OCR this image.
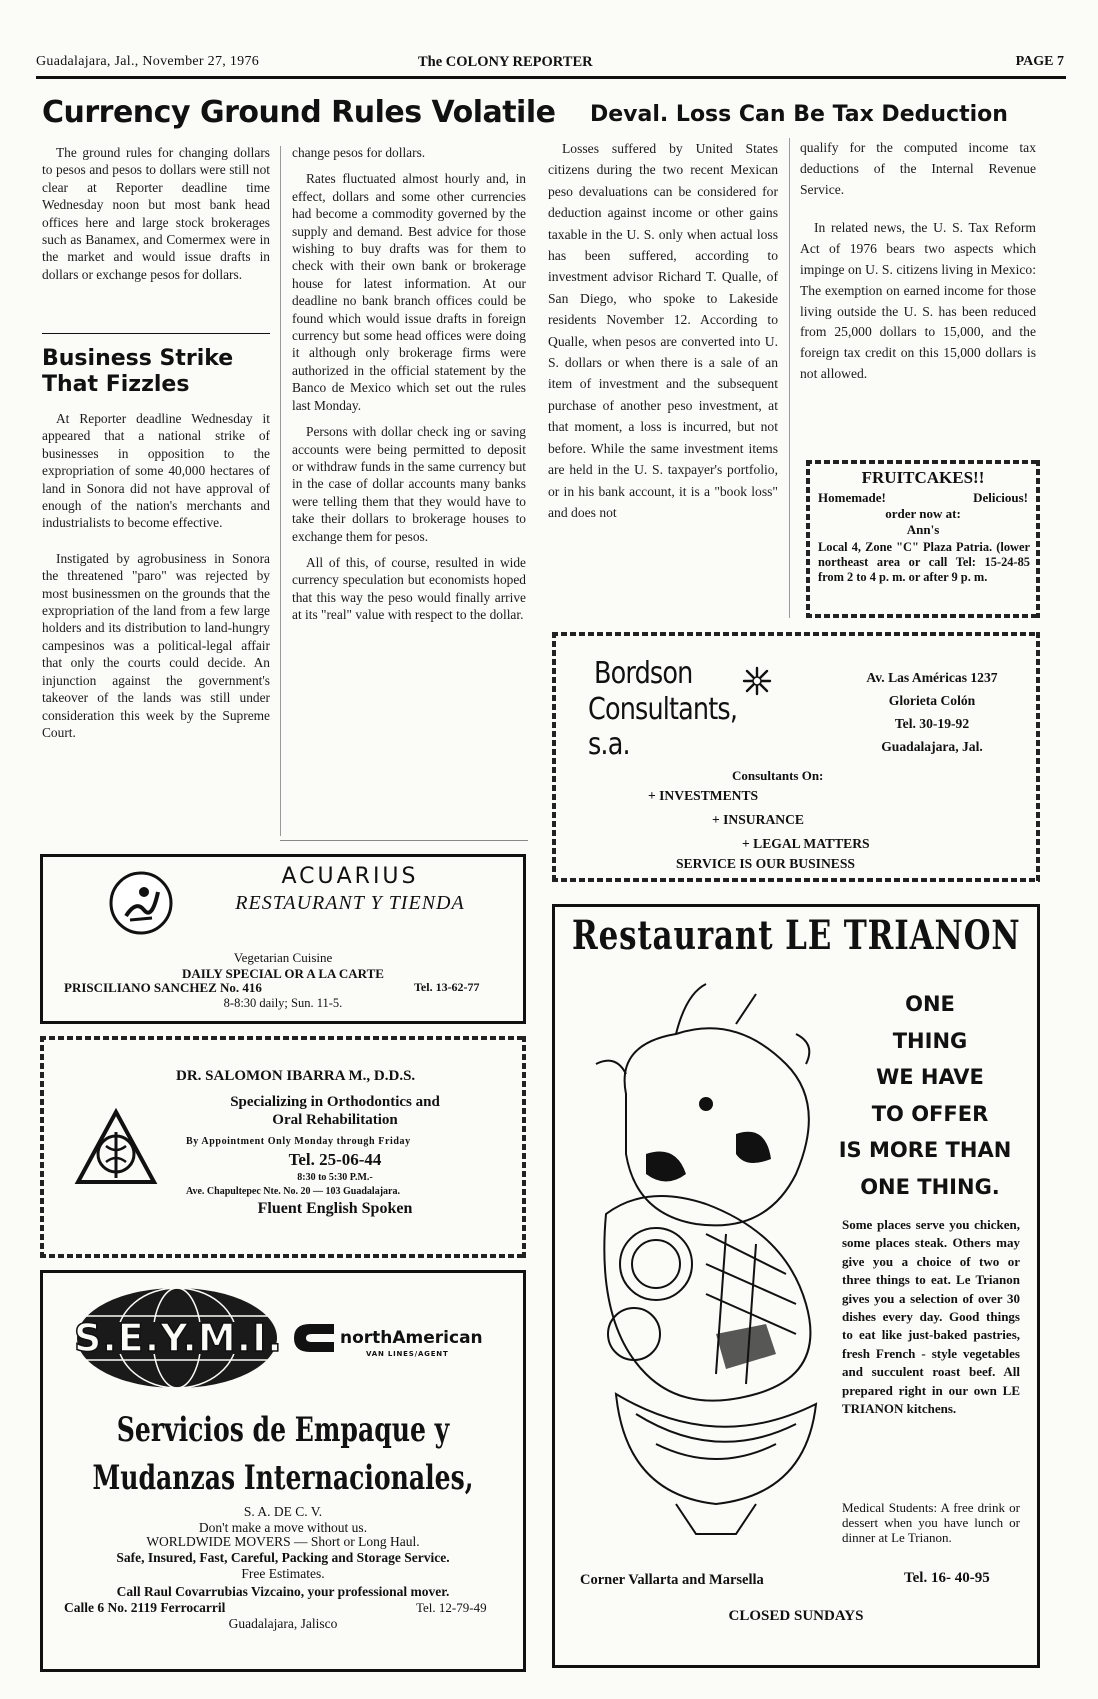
Guadalajara, Jal., November 27, 1976	The COLONY REPORTER	PAGE 7
Currency Ground Rules Volatile

The ground rules for changing dollars to pesos and pesos to dollars were still not clear at Reporter deadline time Wednesday noon but most bank head offices here and large stock brokerages such as Banamex, and Comermex were in the market and would issue drafts in dollars or exchange pesos for dollars.

change pesos for dollars.

Rates fluctuated almost hourly and, in effect, dollars and some other currencies had become a commodity governed by the supply and demand. Best advice for those wishing to buy drafts was for them to check with their own bank or brokerage house for latest information. At our deadline no bank branch offices could be found which would issue drafts in foreign currency but some head offices were doing it although only brokerage firms were authorized in the official statement by the Banco de Mexico which set out the rules last Monday.

Persons with dollar check ing or saving accounts were being permitted to deposit or withdraw funds in the same currency but in the case of dollar accounts many banks were telling them that they would have to take their dollars to brokerage houses to exchange them for pesos.

All of this, of course, resulted in wide currency speculation but economists hoped that this way the peso would finally arrive at its "real" value with respect to the dollar.

Business Strike That Fizzles

At Reporter deadline Wednesday it appeared that a national strike of businesses in opposition to the expropriation of some 40,000 hectares of land in Sonora did not have approval of enough of the nation's merchants and industrialists to become effective.

Instigated by agrobusiness in Sonora the threatened "paro" was rejected by most businessmen on the grounds that the expropriation of the land from a few large holders and its distribution to land-hungry campesinos was a political-legal affair that only the courts could decide. An injunction against the government's takeover of the lands was still under consideration this week by the Supreme Court.

Deval. Loss Can Be Tax Deduction

Losses suffered by United States citizens during the two recent Mexican peso devaluations can be considered for deduction against income or other gains taxable in the U. S. only when actual loss has been suffered, according to investment advisor Richard T. Qualle, of San Diego, who spoke to Lakeside residents November 12. According to Qualle, when pesos are converted into U. S. dollars or when there is a sale of an item of investment and the subsequent purchase of another peso investment, at that moment, a loss is incurred, but not before. While the same investment items are held in the U. S. taxpayer's portfolio, or in his bank account, it is a "book loss" and does not

qualify for the computed income tax deductions of the Internal Revenue Service.

In related news, the U. S. Tax Reform Act of 1976 bears two aspects which impinge on U. S. citizens living in Mexico: The exemption on earned income for those living outside the U. S. has been reduced from 25,000 dollars to 15,000, and the foreign tax credit on this 15,000 dollars is not allowed.

FRUITCAKES!!
Homemade!	Delicious!
order now at:
Ann's
Local 4, Zone "C" Plaza Patria. (lower northeast area or call Tel: 15-24-85 from 2 to 4 p. m. or after 9 p. m.
Bordson
Consultants, s.a.
Av. Las Américas 1237
Glorieta Colón
Tel. 30-19-92
Guadalajara, Jal.
Consultants On:
+ INVESTMENTS
+ INSURANCE
+ LEGAL MATTERS
SERVICE IS OUR BUSINESS
ACUARIUS
RESTAURANT Y TIENDA
Vegetarian Cuisine
DAILY SPECIAL OR A LA CARTE
PRISCILIANO SANCHEZ No. 416	Tel. 13-62-77
8-8:30 daily; Sun. 11-5.
DR. SALOMON IBARRA M., D.D.S.
Specializing in Orthodontics and
Oral Rehabilitation
By Appointment Only Monday through Friday
Tel. 25-06-44
8:30 to 5:30 P.M.-
Ave. Chapultepec Nte. No. 20 — 103 Guadalajara.
Fluent English Spoken
S.E.Y.M.I.	northAmerican
VAN LINES/AGENT
Servicios de Empaque y
Mudanzas Internacionales,
S. A. DE C. V.
Don't make a move without us.
WORLDWIDE MOVERS — Short or Long Haul.
Safe, Insured, Fast, Careful, Packing and Storage Service.
Free Estimates.
Call Raul Covarrubias Vizcaino, your professional mover.
Calle 6 No. 2119 Ferrocarril	Tel. 12-79-49
Guadalajara, Jalisco
Restaurant LE TRIANON
ONE
THING
WE HAVE
TO OFFER
IS MORE THAN
ONE THING.
Some places serve you chicken, some places steak. Others may give you a choice of two or three things to eat. Le Trianon gives you a selection of over 30 dishes every day. Good things to eat like just-baked pastries, fresh French - style vegetables and succulent roast beef. All prepared right in our own LE TRIANON kitchens.
Medical Students: A free drink or dessert when you have lunch or dinner at Le Trianon.
Corner Vallarta and Marsella	Tel. 16- 40-95
CLOSED SUNDAYS
